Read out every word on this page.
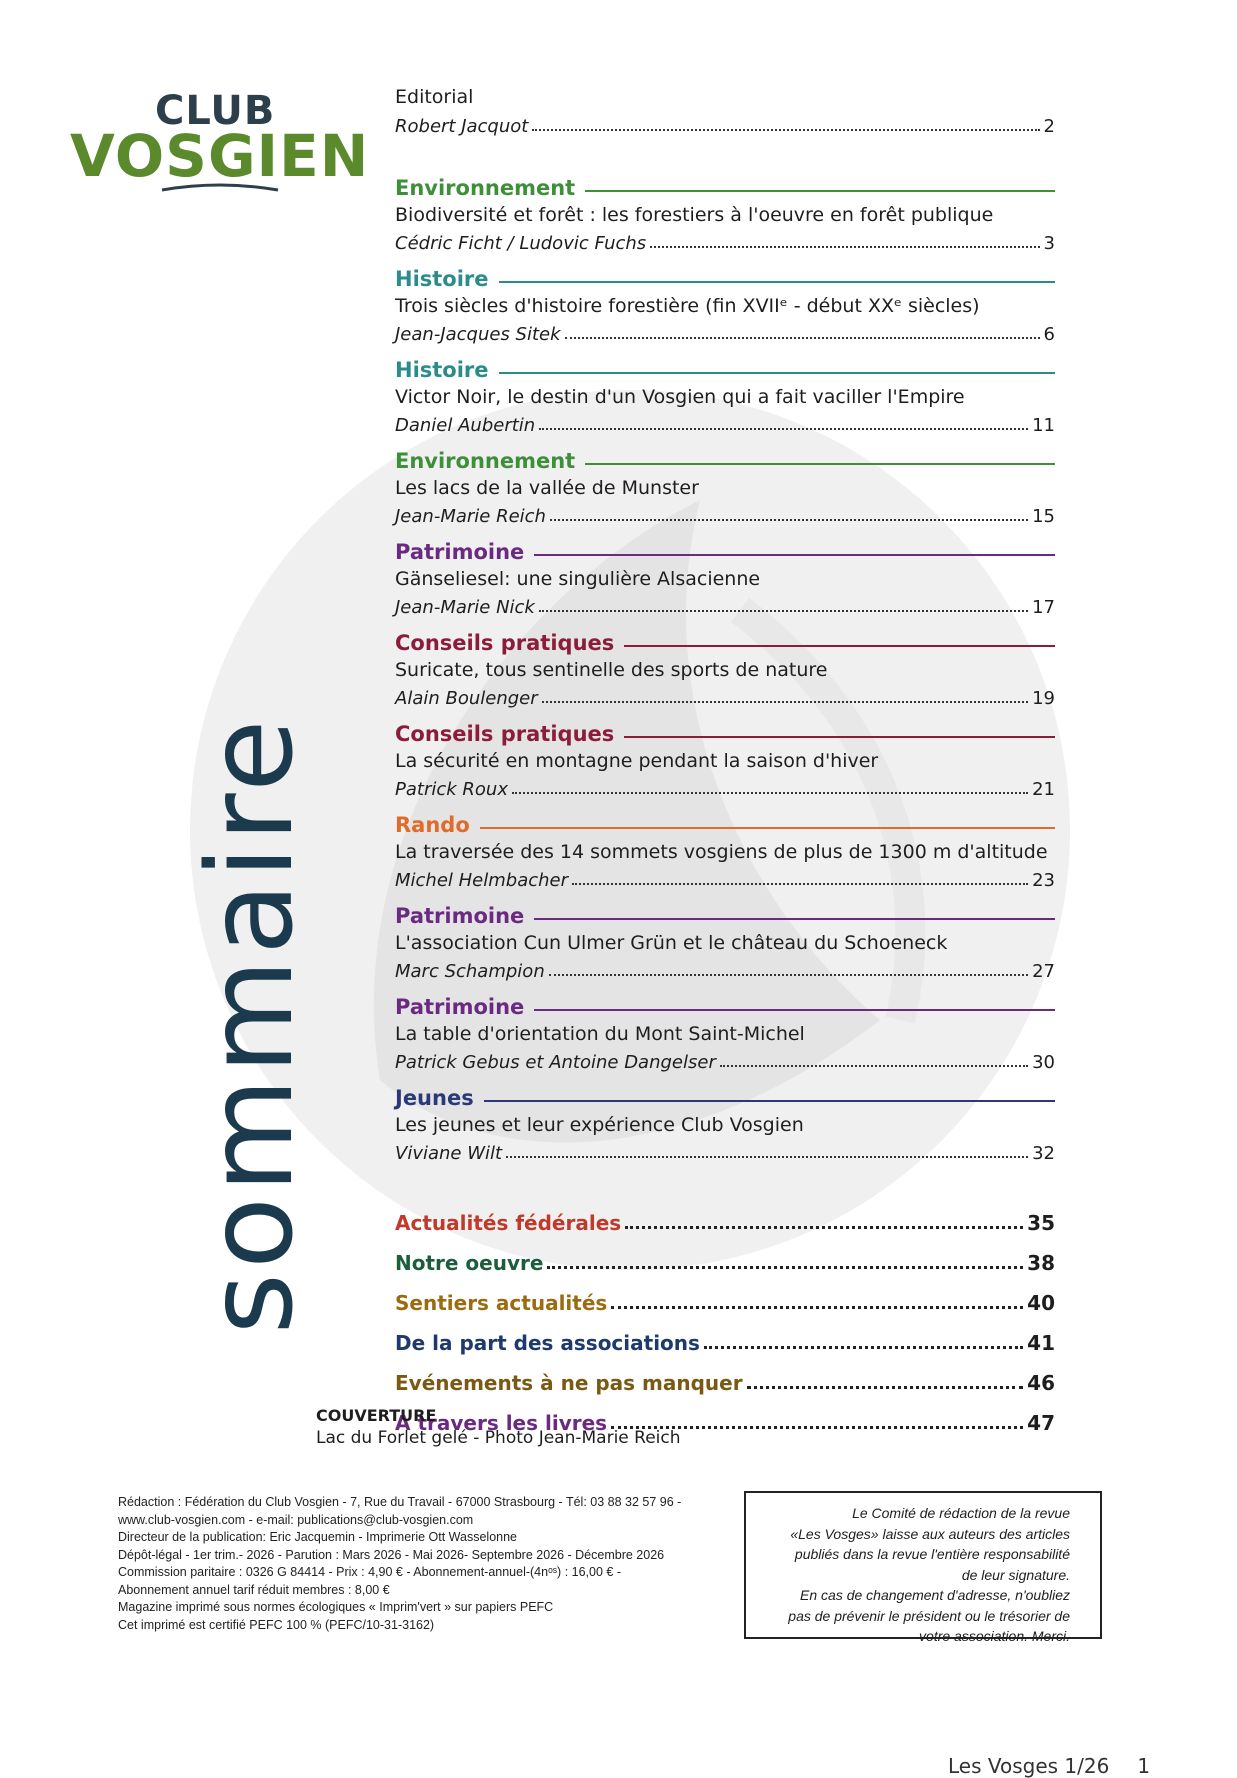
CLUB
VOSGIEN
sommaire
Editorial
Robert Jacquot	2
Environnement
Biodiversité et forêt : les forestiers à l'oeuvre en forêt publique
Cédric Ficht / Ludovic Fuchs	3
Histoire
Trois siècles d'histoire forestière (fin XVIIᵉ - début XXᵉ siècles)
Jean-Jacques Sitek	6
Histoire
Victor Noir, le destin d'un Vosgien qui a fait vaciller l'Empire
Daniel Aubertin	11
Environnement
Les lacs de la vallée de Munster
Jean-Marie Reich	15
Patrimoine
Gänseliesel: une singulière Alsacienne
Jean-Marie Nick	17
Conseils pratiques
Suricate, tous sentinelle des sports de nature
Alain Boulenger	19
Conseils pratiques
La sécurité en montagne pendant la saison d'hiver
Patrick Roux	21
Rando
La traversée des 14 sommets vosgiens de plus de 1300 m d'altitude
Michel Helmbacher	23
Patrimoine
L'association Cun Ulmer Grün et le château du Schoeneck
Marc Schampion	27
Patrimoine
La table d'orientation du Mont Saint-Michel
Patrick Gebus et Antoine Dangelser	30
Jeunes
Les jeunes et leur expérience Club Vosgien
Viviane Wilt	32
Actualités fédérales	35
Notre oeuvre	38
Sentiers actualités	40
De la part des associations	41
Evénements à ne pas manquer	46
A travers les livres	47
COUVERTURE
Lac du Forlet gelé - Photo Jean-Marie Reich
Rédaction : Fédération du Club Vosgien - 7, Rue du Travail - 67000 Strasbourg - Tél: 03 88 32 57 96 -
www.club-vosgien.com - e-mail: publications@club-vosgien.com
Directeur de la publication: Eric Jacquemin - Imprimerie Ott Wasselonne
Dépôt-légal - 1er trim.- 2026 - Parution : Mars 2026 - Mai 2026- Septembre 2026 - Décembre 2026
Commission paritaire : 0326 G 84414 - Prix : 4,90 € - Abonnement-annuel-(4nᵒˢ) : 16,00 € -
Abonnement annuel tarif réduit membres : 8,00 €
Magazine imprimé sous normes écologiques « Imprim'vert » sur papiers PEFC
Cet imprimé est certifié PEFC 100 % (PEFC/10-31-3162)
Le Comité de rédaction de la revue
«Les Vosges» laisse aux auteurs des articles
publiés dans la revue l'entière responsabilité
de leur signature.
En cas de changement d'adresse, n'oubliez
pas de prévenir le président ou le trésorier de
votre association. Merci.
Les Vosges 1/26 1
